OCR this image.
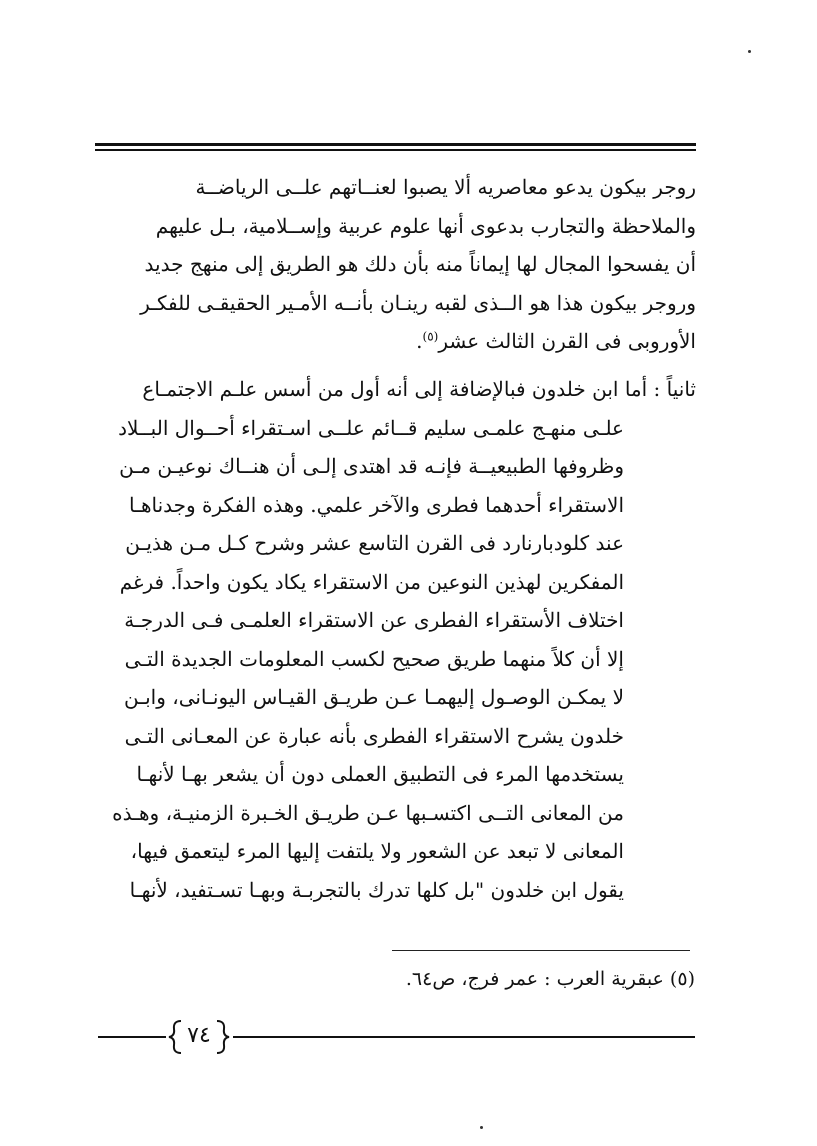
روجر بيكون يدعو معاصريه ألا يصبوا لعنــاتهم علــى الرياضــة
والملاحظة والتجارب بدعوى أنها علوم عربية وإســلامية، بـل عليهم
أن يفسحوا المجال لها إيماناً منه بأن دلك هو الطريق إلى منهج جديد
وروجر بيكون هذا هو الــذى لقبه رينـان بأنــه الأمـير الحقيقـى للفكـر
الأوروبى فى القرن الثالث عشر$^{(٥)}$.
ثانياً : أما ابن خلدون فبالإضافة إلى أنه أول من أسس علـم الاجتمـاع
علـى منهـج علمـى سليم قــائم علــى اسـتقراء أحــوال البــلاد
وظروفها الطبيعيــة فإنـه قد اهتدى إلـى أن هنــاك نوعيـن مـن
الاستقراء أحدهما فطرى والآخر علمي. وهذه الفكرة وجدناهـا
عند كلودبارنارد فى القرن التاسع عشر وشرح كـل مـن هذيـن
المفكرين لهذين النوعين من الاستقراء يكاد يكون واحداً. فرغم
اختلاف الأستقراء الفطرى عن الاستقراء العلمـى فـى الدرجـة
إلا أن كلاً منهما طريق صحيح لكسب المعلومات الجديدة التـى
لا يمكـن الوصـول إليهمـا عـن طريـق القيـاس اليونـانى، وابـن
خلدون يشرح الاستقراء الفطرى بأنه عبارة عن المعـانى التـى
يستخدمها المرء فى التطبيق العملى دون أن يشعر بهـا لأنهـا
من المعانى التــى اكتسـبها عـن طريـق الخـبرة الزمنيـة، وهـذه
المعانى لا تبعد عن الشعور ولا يلتفت إليها المرء ليتعمق فيها،
يقول ابن خلدون "بل كلها تدرك بالتجربـة وبهـا تسـتفيد، لأنهـا
(٥) عبقرية العرب : عمر فرج، ص٦٤.
٧٤
